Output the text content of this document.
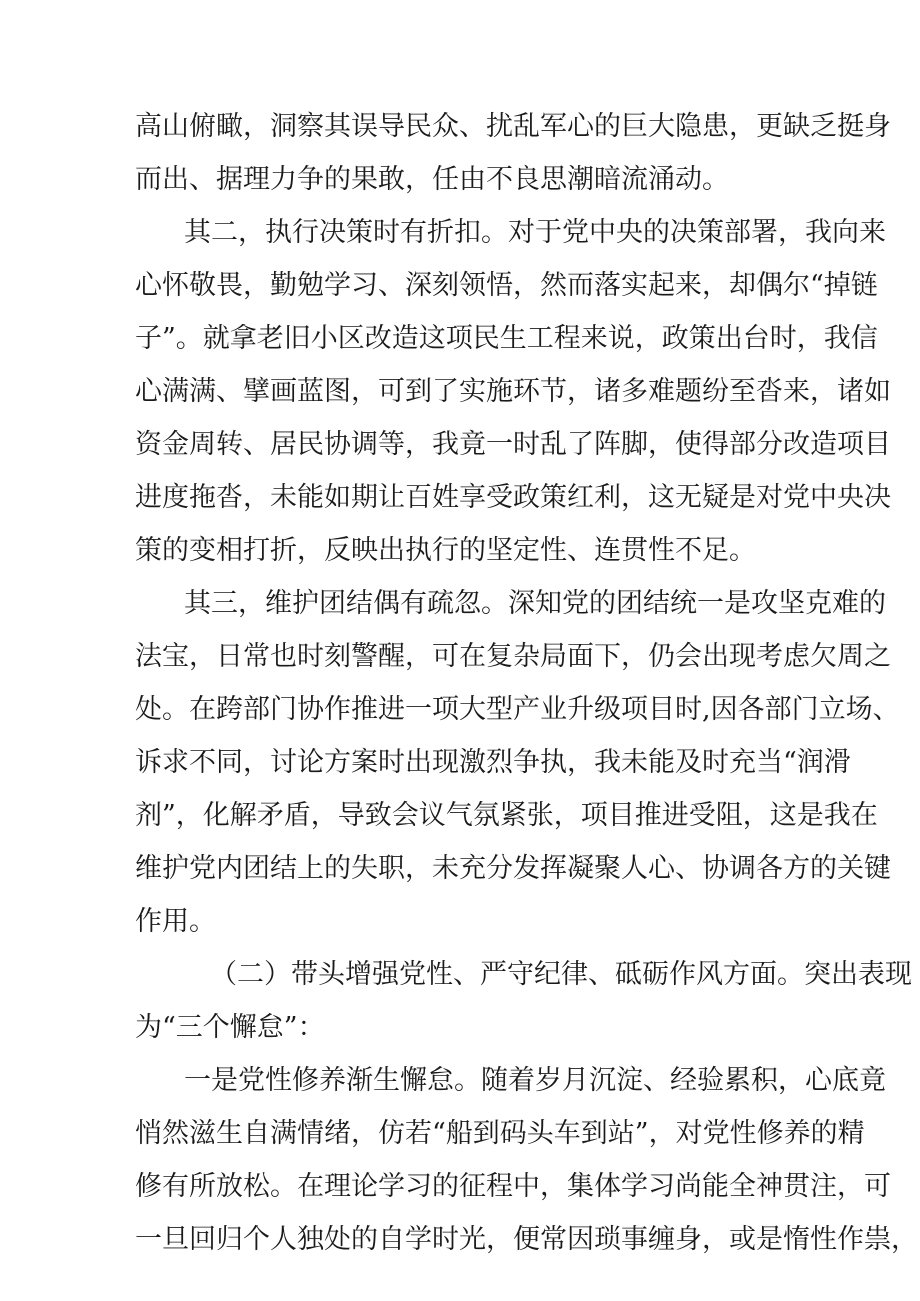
高山俯瞰，洞察其误导民众、扰乱军心的巨大隐患，更缺乏挺身
而出、据理力争的果敢，任由不良思潮暗流涌动。
其二，执行决策时有折扣。对于党中央的决策部署，我向来
心怀敬畏，勤勉学习、深刻领悟，然而落实起来，却偶尔“掉链
子”。就拿老旧小区改造这项民生工程来说，政策出台时，我信
心满满、擘画蓝图，可到了实施环节，诸多难题纷至沓来，诸如
资金周转、居民协调等，我竟一时乱了阵脚，使得部分改造项目
进度拖沓，未能如期让百姓享受政策红利，这无疑是对党中央决
策的变相打折，反映出执行的坚定性、连贯性不足。
其三，维护团结偶有疏忽。深知党的团结统一是攻坚克难的
法宝，日常也时刻警醒，可在复杂局面下，仍会出现考虑欠周之
处。在跨部门协作推进一项大型产业升级项目时,因各部门立场、
诉求不同，讨论方案时出现激烈争执，我未能及时充当“润滑
剂”，化解矛盾，导致会议气氛紧张，项目推进受阻，这是我在
维护党内团结上的失职，未充分发挥凝聚人心、协调各方的关键
作用。
（二）带头增强党性、严守纪律、砥砺作风方面。突出表现
为“三个懈怠”：
一是党性修养渐生懈怠。随着岁月沉淀、经验累积，心底竟
悄然滋生自满情绪，仿若“船到码头车到站”，对党性修养的精
修有所放松。在理论学习的征程中，集体学习尚能全神贯注，可
一旦回归个人独处的自学时光，便常因琐事缠身，或是惰性作祟，
